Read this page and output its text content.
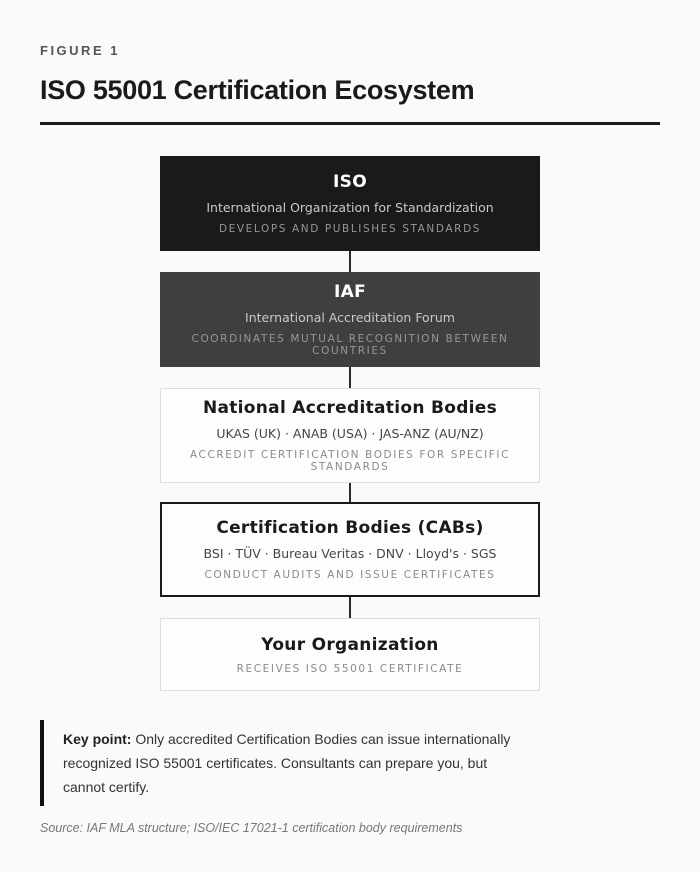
FIGURE 1
ISO 55001 Certification Ecosystem
ISO
International Organization for Standardization
DEVELOPS AND PUBLISHES STANDARDS
IAF
International Accreditation Forum
COORDINATES MUTUAL RECOGNITION BETWEEN COUNTRIES
National Accreditation Bodies
UKAS (UK) · ANAB (USA) · JAS-ANZ (AU/NZ)
ACCREDIT CERTIFICATION BODIES FOR SPECIFIC STANDARDS
Certification Bodies (CABs)
BSI · TÜV · Bureau Veritas · DNV · Lloyd's · SGS
CONDUCT AUDITS AND ISSUE CERTIFICATES
Your Organization
RECEIVES ISO 55001 CERTIFICATE

Key point: Only accredited Certification Bodies can issue internationally recognized ISO 55001 certificates. Consultants can prepare you, but cannot certify.

Source: IAF MLA structure; ISO/IEC 17021-1 certification body requirements
